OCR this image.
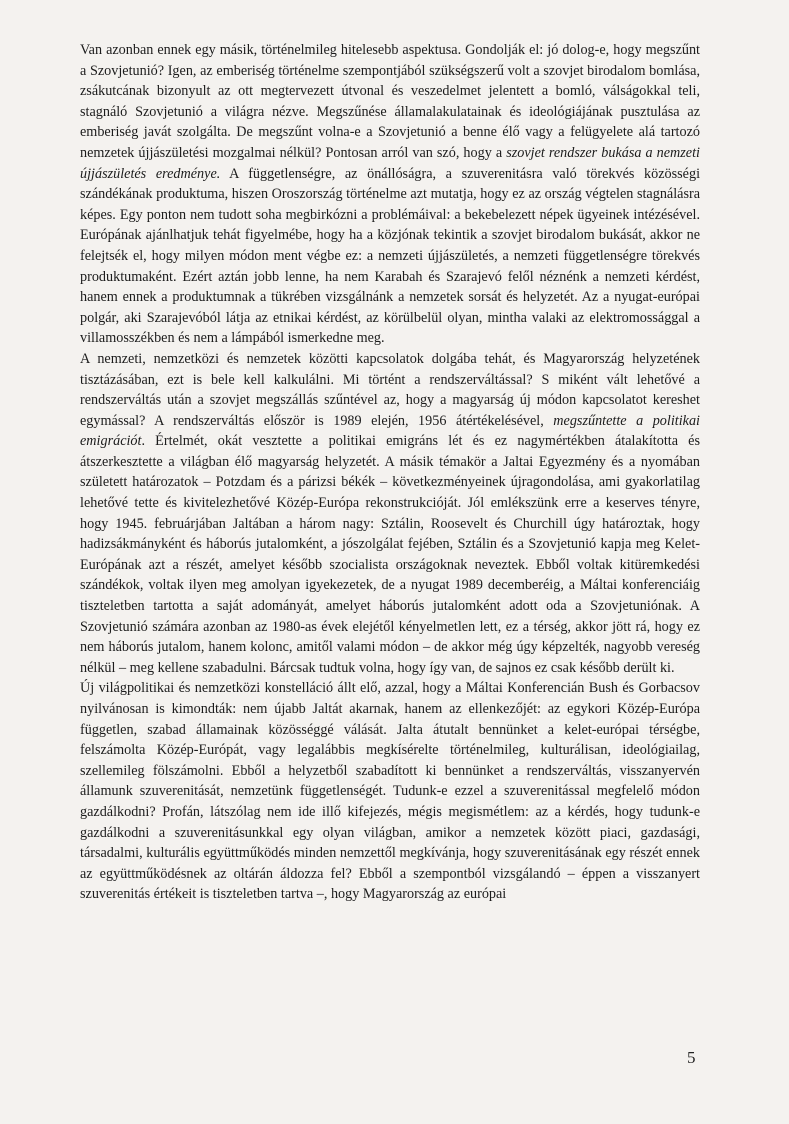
Van azonban ennek egy másik, történelmileg hitelesebb aspektusa. Gondolják el: jó dolog-e, hogy megszűnt a Szovjetunió? Igen, az emberiség történelme szempontjából szükségszerű volt a szovjet birodalom bomlása, zsákutcának bizonyult az ott megtervezett útvonal és veszedelmet jelentett a bomló, válságokkal teli, stagnáló Szovjetunió a világra nézve. Megszűnése államalakulatainak és ideológiájának pusztulása az emberiség javát szolgálta. De megszűnt volna-e a Szovjetunió a benne élő vagy a felügyelete alá tartozó nemzetek újjászületési mozgalmai nélkül? Pontosan arról van szó, hogy a szovjet rendszer bukása a nemzeti újjászületés eredménye. A függetlenségre, az önállóságra, a szuverenitásra való törekvés közösségi szándékának produktuma, hiszen Oroszország történelme azt mutatja, hogy ez az ország végtelen stagnálásra képes. Egy ponton nem tudott soha megbirkózni a problémáival: a bekebelezett népek ügyeinek intézésével. Európának ajánlhatjuk tehát figyelmébe, hogy ha a közjónak tekintik a szovjet birodalom bukását, akkor ne felejtsék el, hogy milyen módon ment végbe ez: a nemzeti újjászületés, a nemzeti függetlenségre törekvés produktumaként. Ezért aztán jobb lenne, ha nem Karabah és Szarajevó felől néznénk a nemzeti kérdést, hanem ennek a produktumnak a tükrében vizsgálnánk a nemzetek sorsát és helyzetét. Az a nyugat-európai polgár, aki Szarajevóból látja az etnikai kérdést, az körülbelül olyan, mintha valaki az elektromossággal a villamosszékben és nem a lámpából ismerkedne meg.

A nemzeti, nemzetközi és nemzetek közötti kapcsolatok dolgába tehát, és Magyarország helyzetének tisztázásában, ezt is bele kell kalkulálni. Mi történt a rendszerváltással? S miként vált lehetővé a rendszerváltás után a szovjet megszállás szűntével az, hogy a magyarság új módon kapcsolatot kereshet egymással? A rendszerváltás először is 1989 elején, 1956 átértékelésével, megszűntette a politikai emigrációt. Értelmét, okát vesztette a politikai emigráns lét és ez nagymértékben átalakította és átszerkesztette a világban élő magyarság helyzetét. A másik témakör a Jaltai Egyezmény és a nyomában született határozatok – Potzdam és a párizsi békék – következményeinek újragondolása, ami gyakorlatilag lehetővé tette és kivitelezhetővé Közép-Európa rekonstrukcióját. Jól emlékszünk erre a keserves tényre, hogy 1945. februárjában Jaltában a három nagy: Sztálin, Roosevelt és Churchill úgy határoztak, hogy hadizsákmányként és háborús jutalomként, a jószolgálat fejében, Sztálin és a Szovjetunió kapja meg Kelet-Európának azt a részét, amelyet később szocialista országoknak neveztek. Ebből voltak kitüremkedési szándékok, voltak ilyen meg amolyan igyekezetek, de a nyugat 1989 decemberéig, a Máltai konferenciáig tiszteletben tartotta a saját adományát, amelyet háborús jutalomként adott oda a Szovjetuniónak. A Szovjetunió számára azonban az 1980-as évek elejétől kényelmetlen lett, ez a térség, akkor jött rá, hogy ez nem háborús jutalom, hanem kolonc, amitől valami módon – de akkor még úgy képzelték, nagyobb vereség nélkül – meg kellene szabadulni. Bárcsak tudtuk volna, hogy így van, de sajnos ez csak később derült ki.

Új világpolitikai és nemzetközi konstelláció állt elő, azzal, hogy a Máltai Konferencián Bush és Gorbacsov nyilvánosan is kimondták: nem újabb Jaltát akarnak, hanem az ellenkezőjét: az egykori Közép-Európa független, szabad államainak közösséggé válását. Jalta átutalt bennünket a kelet-európai térségbe, felszámolta Közép-Európát, vagy legalábbis megkísérelte történelmileg, kulturálisan, ideológiailag, szellemileg fölszámolni. Ebből a helyzetből szabadított ki bennünket a rendszerváltás, visszanyervén államunk szuverenitását, nemzetünk függetlenségét. Tudunk-e ezzel a szuverenitással megfelelő módon gazdálkodni? Profán, látszólag nem ide illő kifejezés, mégis megismétlem: az a kérdés, hogy tudunk-e gazdálkodni a szuverenitásunkkal egy olyan világban, amikor a nemzetek között piaci, gazdasági, társadalmi, kulturális együttműködés minden nemzettől megkívánja, hogy szuverenitásának egy részét ennek az együttműködésnek az oltárán áldozza fel? Ebből a szempontból vizsgálandó – éppen a visszanyert szuverenitás értékeit is tiszteletben tartva –, hogy Magyarország az európai

5
